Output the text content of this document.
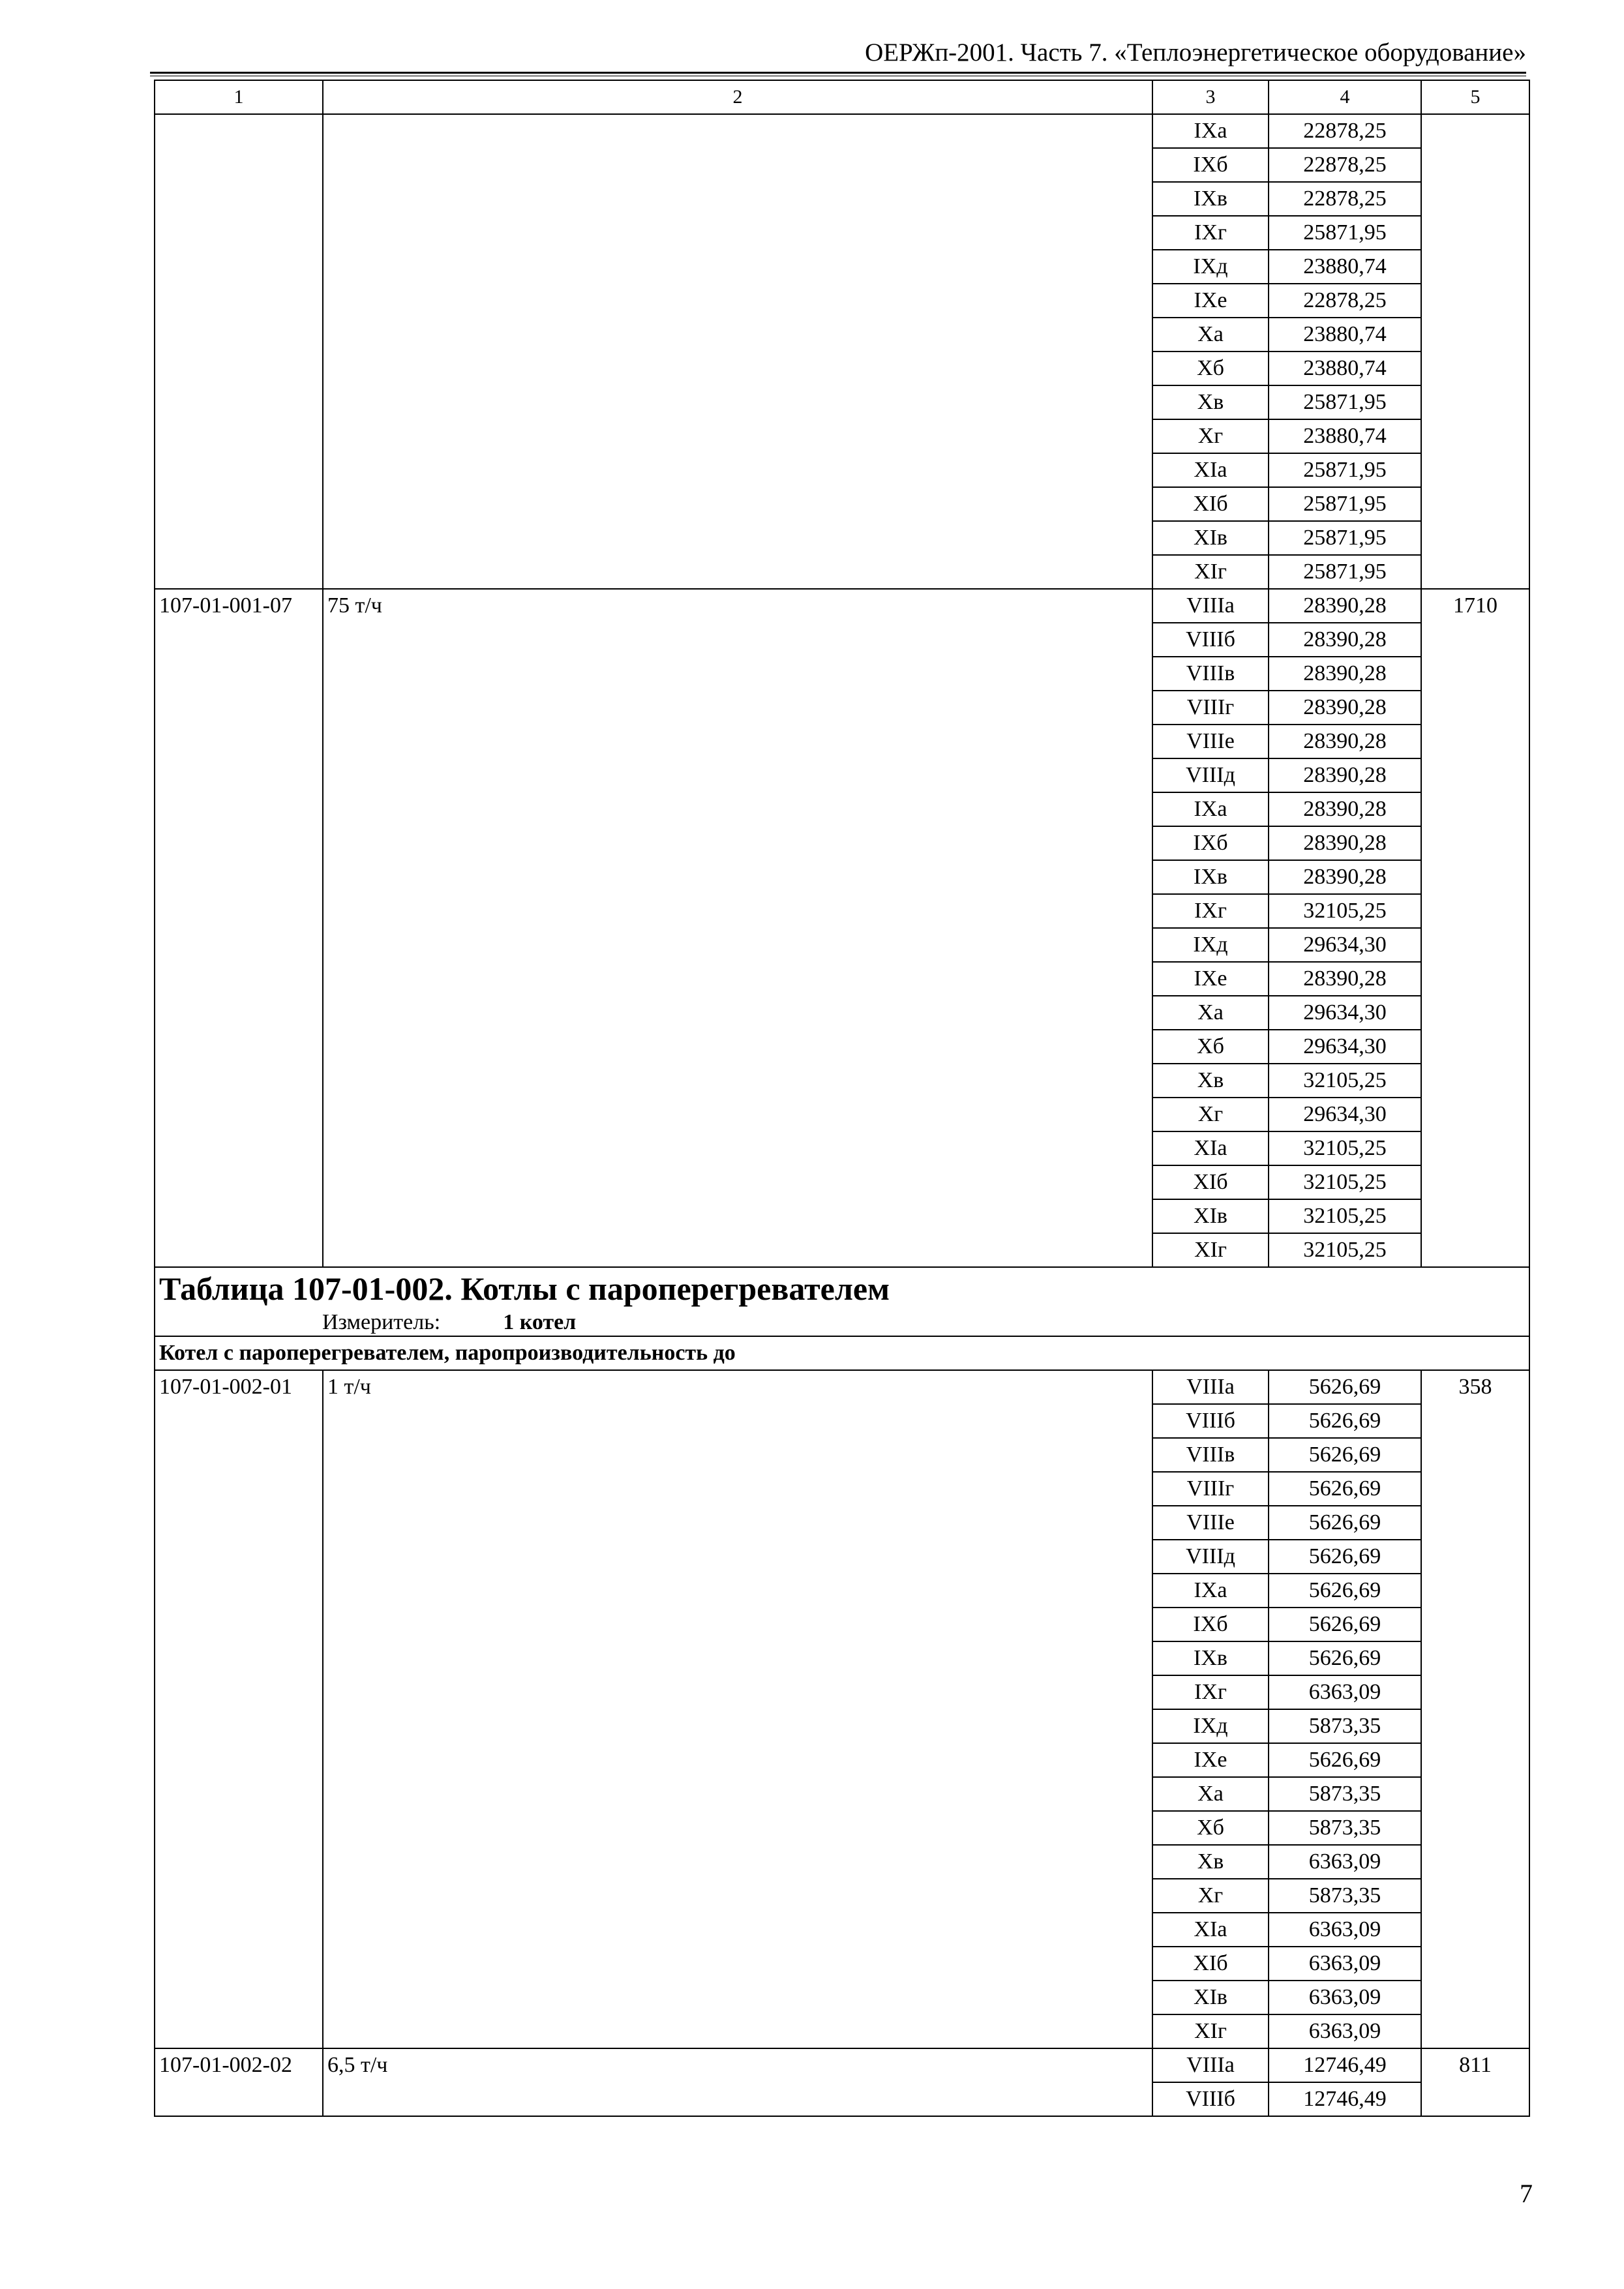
ОЕРЖп-2001. Часть 7. «Теплоэнергетическое оборудование»
1	2	3	4	5
		IXа	22878,25	
		IXб	22878,25	
		IXв	22878,25	
		IXг	25871,95	
		IXд	23880,74	
		IXе	22878,25	
		Xа	23880,74	
		Xб	23880,74	
		Xв	25871,95	
		Xг	23880,74	
		XIа	25871,95	
		XIб	25871,95	
		XIв	25871,95	
		XIг	25871,95	
107-01-001-07	75 т/ч	VIIIа	28390,28	1710
		VIIIб	28390,28	
		VIIIв	28390,28	
		VIIIг	28390,28	
		VIIIе	28390,28	
		VIIIд	28390,28	
		IXа	28390,28	
		IXб	28390,28	
		IXв	28390,28	
		IXг	32105,25	
		IXд	29634,30	
		IXе	28390,28	
		Xа	29634,30	
		Xб	29634,30	
		Xв	32105,25	
		Xг	29634,30	
		XIа	32105,25	
		XIб	32105,25	
		XIв	32105,25	
		XIг	32105,25	

Таблица 107-01-002. Котлы с пароперегревателем
Измеритель: 1 котел				

Котел с пароперегревателем, паропроизводительность до				
107-01-002-01	1 т/ч	VIIIа	5626,69	358
		VIIIб	5626,69	
		VIIIв	5626,69	
		VIIIг	5626,69	
		VIIIе	5626,69	
		VIIIд	5626,69	
		IXа	5626,69	
		IXб	5626,69	
		IXв	5626,69	
		IXг	6363,09	
		IXд	5873,35	
		IXе	5626,69	
		Xа	5873,35	
		Xб	5873,35	
		Xв	6363,09	
		Xг	5873,35	
		XIа	6363,09	
		XIб	6363,09	
		XIв	6363,09	
		XIг	6363,09	
107-01-002-02	6,5 т/ч	VIIIа	12746,49	811
		VIIIб	12746,49	
7
